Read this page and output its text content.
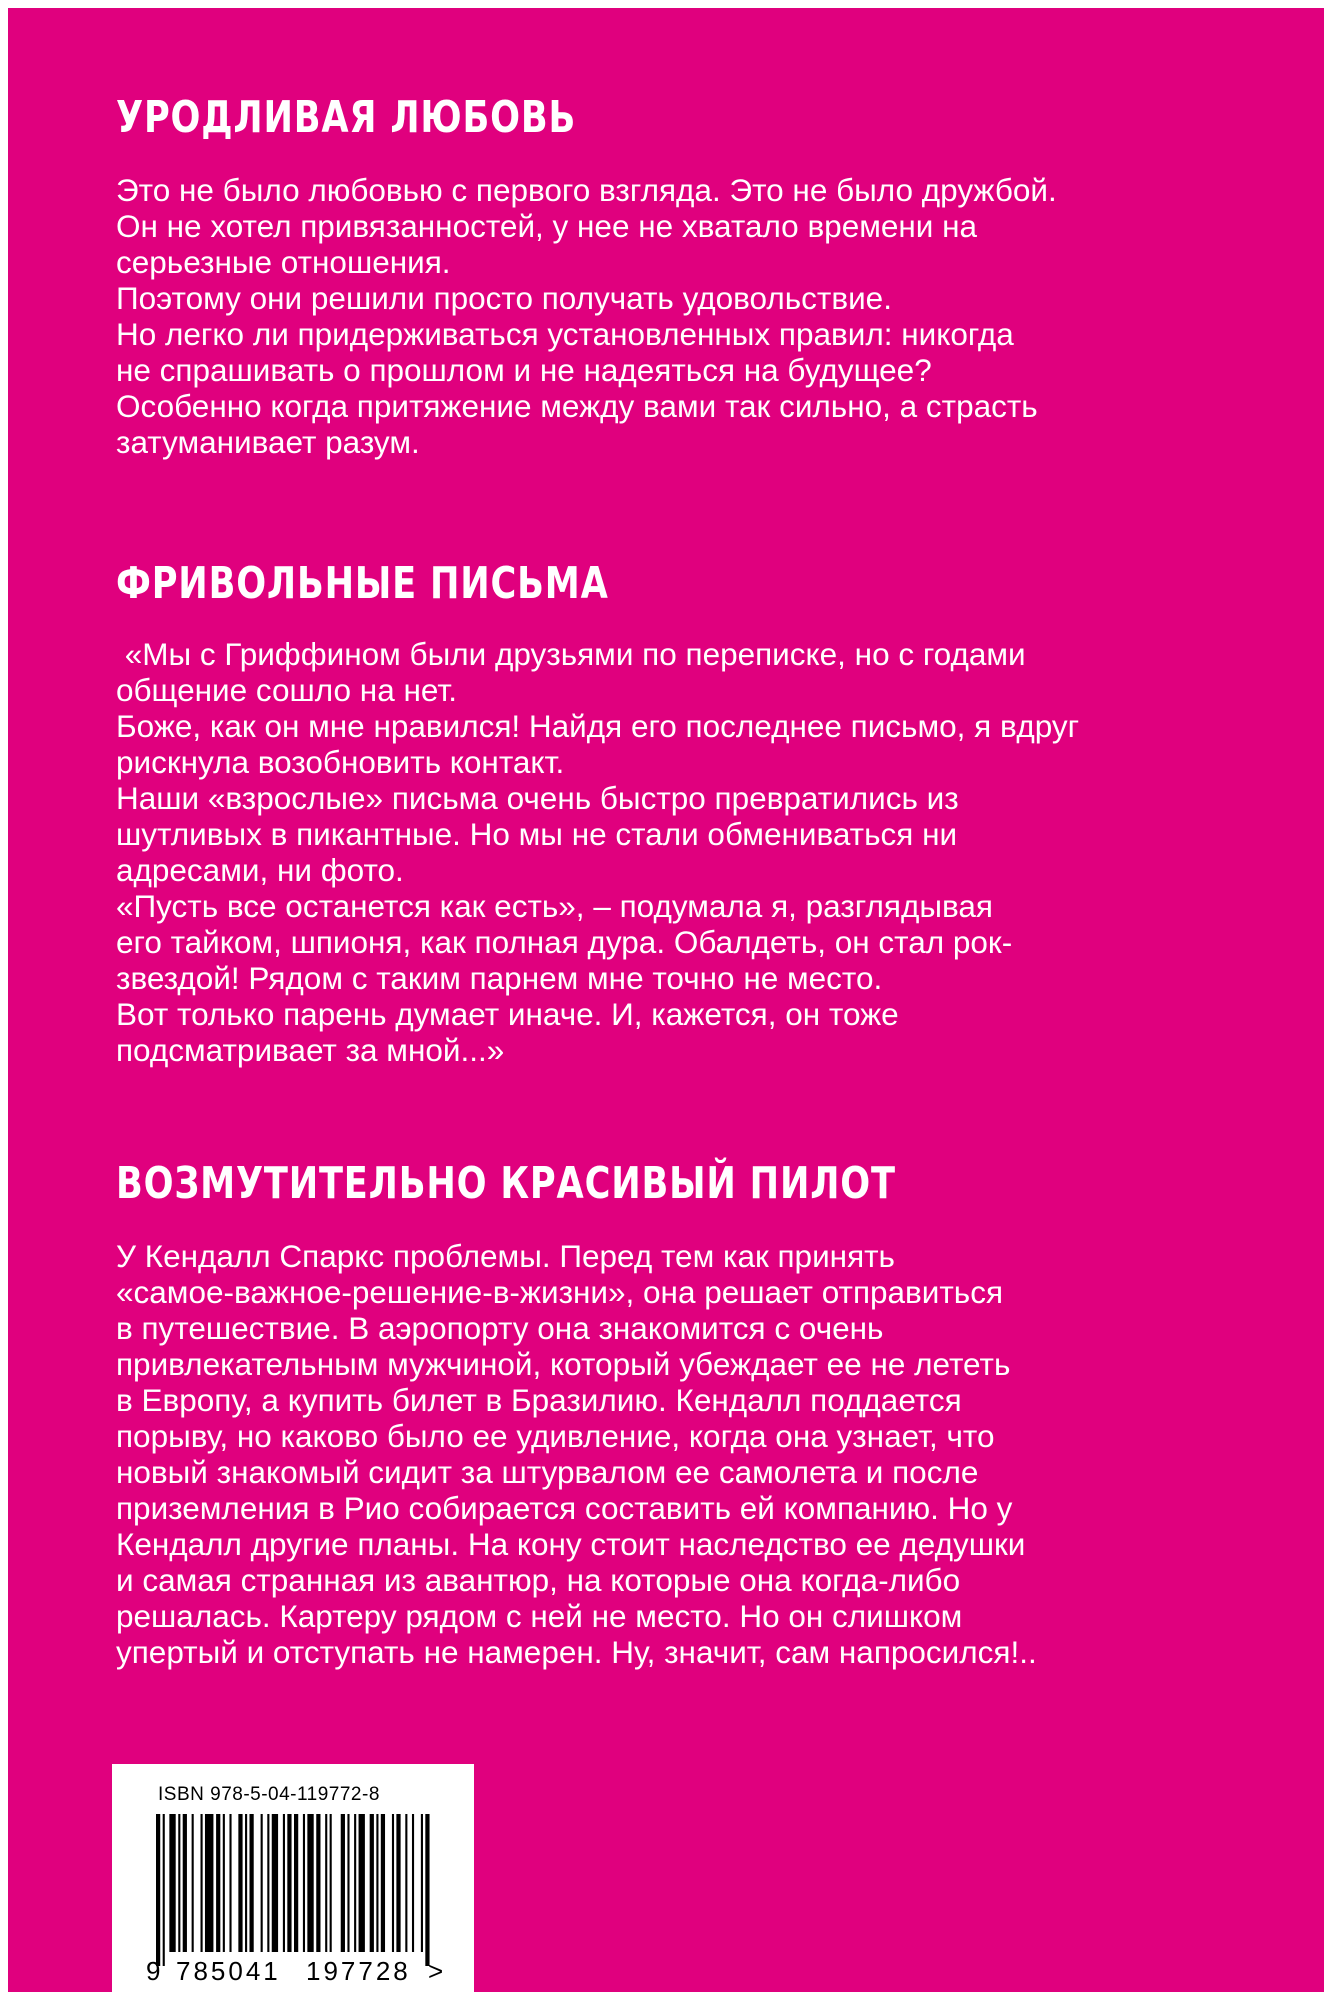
УРОДЛИВАЯ ЛЮБОВЬ
Это не было любовью с первого взгляда. Это не было дружбой.
Он не хотел привязанностей, у нее не хватало времени на
серьезные отношения.
Поэтому они решили просто получать удовольствие.
Но легко ли придерживаться установленных правил: никогда
не спрашивать о прошлом и не надеяться на будущее?
Особенно когда притяжение между вами так сильно, а страсть
затуманивает разум.
ФРИВОЛЬНЫЕ ПИСЬМА
«Мы с Гриффином были друзьями по переписке, но с годами
общение сошло на нет.
Боже, как он мне нравился! Найдя его последнее письмо, я вдруг
рискнула возобновить контакт.
Наши «взрослые» письма очень быстро превратились из
шутливых в пикантные. Но мы не стали обмениваться ни
адресами, ни фото.
«Пусть все останется как есть», – подумала я, разглядывая
его тайком, шпионя, как полная дура. Обалдеть, он стал рок-
звездой! Рядом с таким парнем мне точно не место.
Вот только парень думает иначе. И, кажется, он тоже
подсматривает за мной...»
ВОЗМУТИТЕЛЬНО КРАСИВЫЙ ПИЛОТ
У Кендалл Спаркс проблемы. Перед тем как принять
«самое-важное-решение-в-жизни», она решает отправиться
в путешествие. В аэропорту она знакомится с очень
привлекательным мужчиной, который убеждает ее не лететь
в Европу, а купить билет в Бразилию. Кендалл поддается
порыву, но каково было ее удивление, когда она узнает, что
новый знакомый сидит за штурвалом ее самолета и после
приземления в Рио собирается составить ей компанию. Но у
Кендалл другие планы. На кону стоит наследство ее дедушки
и самая странная из авантюр, на которые она когда-либо
решалась. Картеру рядом с ней не место. Но он слишком
упертый и отступать не намерен. Ну, значит, сам напросился!..
ISBN 978-5-04-119772-8
9 785041 197728 >
